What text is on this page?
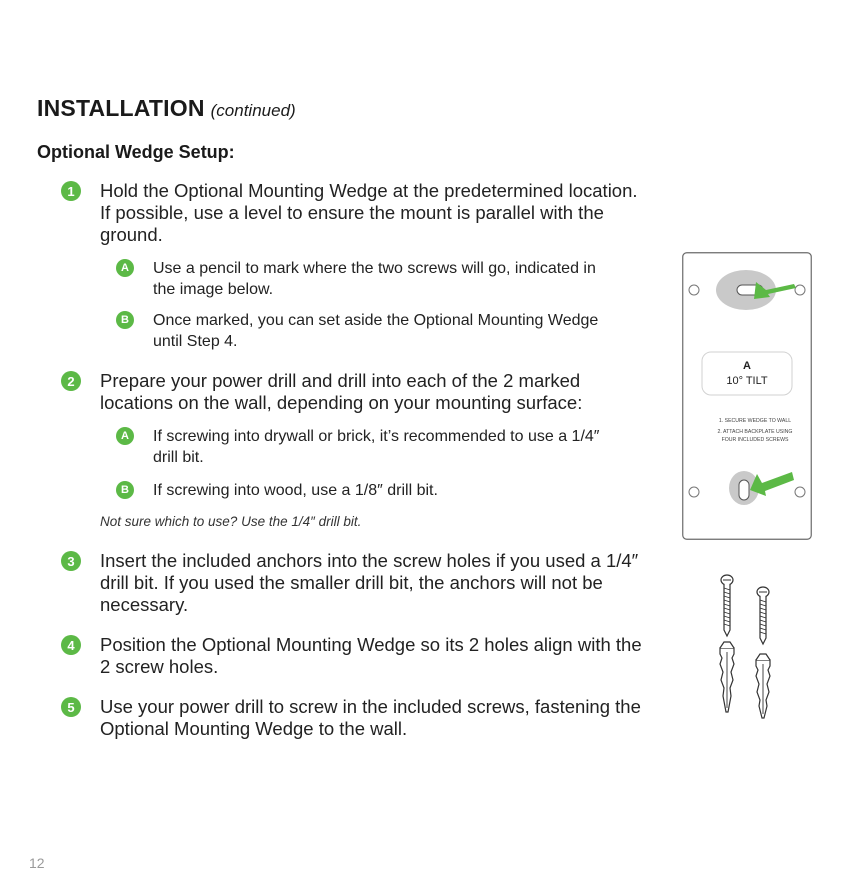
INSTALLATION (continued)
Optional Wedge Setup:
1	Hold the Optional Mounting Wedge at the predetermined location. If possible, use a level to ensure the mount is parallel with the ground.
A	Use a pencil to mark where the two screws will go, indicated in the image below.
B	Once marked, you can set aside the Optional Mounting Wedge until Step 4.
2	Prepare your power drill and drill into each of the 2 marked locations on the wall, depending on your mounting surface:
A	If screwing into drywall or brick, it’s recommended to use a 1/4″ drill bit.
B	If screwing into wood, use a 1/8″ drill bit.
Not sure which to use? Use the 1/4″ drill bit.
3	Insert the included anchors into the screw holes if you used a 1/4″ drill bit. If you used the smaller drill bit, the anchors will not be necessary.
4	Position the Optional Mounting Wedge so its 2 holes align with the 2 screw holes.
5	Use your power drill to screw in the included screws, fastening the Optional Mounting Wedge to the wall.
A
10° TILT
1. SECURE WEDGE TO WALL
2. ATTACH BACKPLATE USING
FOUR INCLUDED SCREWS
12
